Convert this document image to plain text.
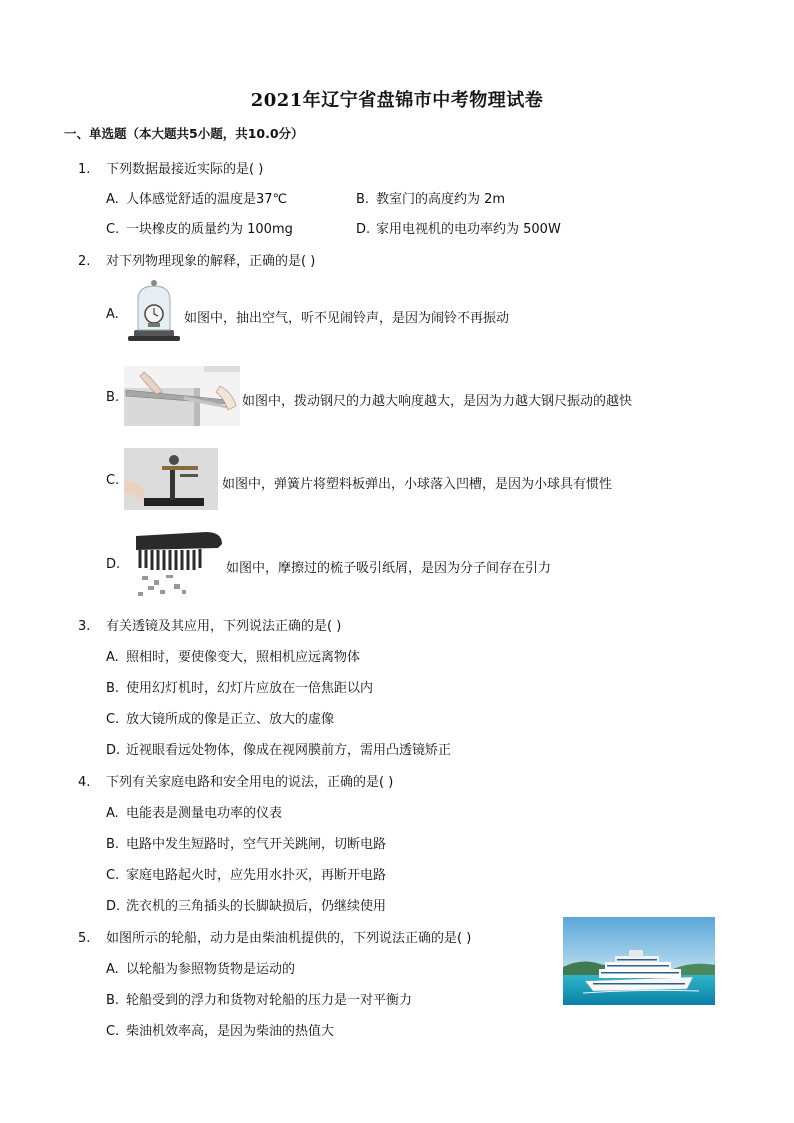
2021年辽宁省盘锦市中考物理试卷
一、单选题（本大题共5小题，共10.0分）
1. 下列数据最接近实际的是( )
A. 人体感觉舒适的温度是37℃	B. 教室门的高度约为 2m
C. 一块橡皮的质量约为 100mg	D. 家用电视机的电功率约为 500W
2. 对下列物理现象的解释，正确的是( )
A.	如图中，抽出空气，听不见闹铃声，是因为闹铃不再振动
B.	如图中，拨动钢尺的力越大响度越大，是因为力越大钢尺振动的越快
C.	如图中，弹簧片将塑料板弹出，小球落入凹槽，是因为小球具有惯性
D.	如图中，摩擦过的梳子吸引纸屑，是因为分子间存在引力
3. 有关透镜及其应用，下列说法正确的是( )
A. 照相时，要使像变大，照相机应远离物体
B. 使用幻灯机时，幻灯片应放在一倍焦距以内
C. 放大镜所成的像是正立、放大的虚像
D. 近视眼看远处物体，像成在视网膜前方，需用凸透镜矫正
4. 下列有关家庭电路和安全用电的说法，正确的是( )
A. 电能表是测量电功率的仪表
B. 电路中发生短路时，空气开关跳闸，切断电路
C. 家庭电路起火时，应先用水扑灭，再断开电路
D. 洗衣机的三角插头的长脚缺损后，仍继续使用
5. 如图所示的轮船，动力是由柴油机提供的，下列说法正确的是( )
A. 以轮船为参照物货物是运动的
B. 轮船受到的浮力和货物对轮船的压力是一对平衡力
C. 柴油机效率高，是因为柴油的热值大
